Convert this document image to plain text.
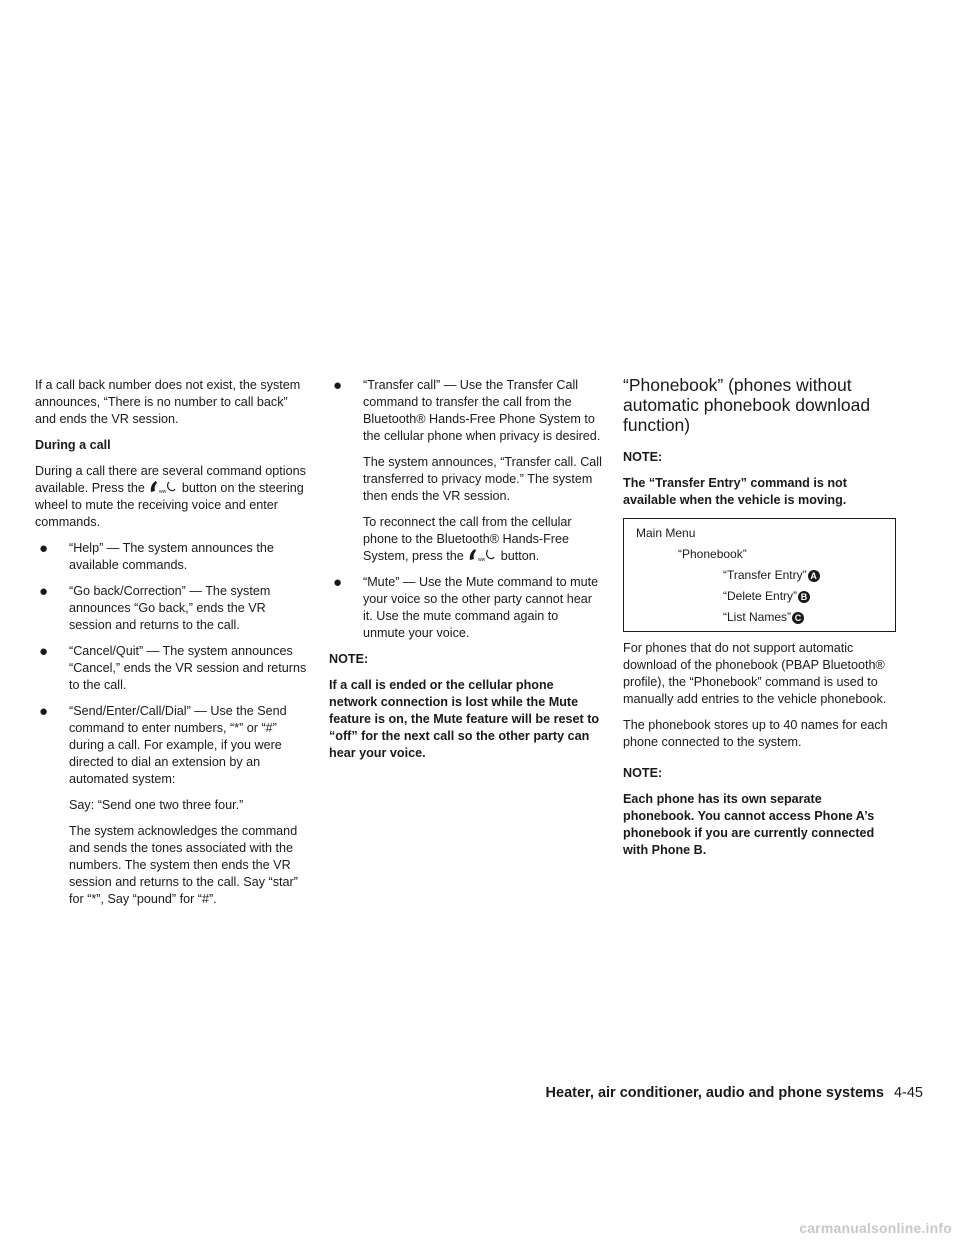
If a call back number does not exist, the system announces, “There is no number to call back” and ends the VR session.

During a call

During a call there are several command options available. Press the	ww button on the steering wheel to mute the receiving voice and enter commands.

● “Help” — The system announces the available commands.
● “Go back/Correction” — The system announces “Go back,” ends the VR session and returns to the call.
● “Cancel/Quit” — The system announces “Cancel,” ends the VR session and returns to the call.
● “Send/Enter/Call/Dial” — Use the Send command to enter numbers, “*” or “#” during a call. For example, if you were directed to dial an extension by an automated system:

Say: “Send one two three four.”

The system acknowledges the command and sends the tones associated with the numbers. The system then ends the VR session and returns to the call. Say “star” for “*”, Say “pound” for “#”.

● “Transfer call” — Use the Transfer Call command to transfer the call from the Bluetooth® Hands-Free Phone System to the cellular phone when privacy is desired.

The system announces, “Transfer call. Call transferred to privacy mode.” The system then ends the VR session.

To reconnect the call from the cellular phone to the Bluetooth® Hands-Free System, press the	ww button.

● “Mute” — Use the Mute command to mute your voice so the other party cannot hear it. Use the mute command again to unmute your voice.

NOTE:

If a call is ended or the cellular phone network connection is lost while the Mute feature is on, the Mute feature will be reset to “off” for the next call so the other party can hear your voice.

“Phonebook” (phones without automatic phonebook download function)

NOTE:

The “Transfer Entry” command is not available when the vehicle is moving.

Main Menu
“Phonebook”
“Transfer Entry” A
“Delete Entry” B
“List Names” C

For phones that do not support automatic download of the phonebook (PBAP Bluetooth® profile), the “Phonebook” command is used to manually add entries to the vehicle phonebook.

The phonebook stores up to 40 names for each phone connected to the system.

NOTE:

Each phone has its own separate phonebook. You cannot access Phone A’s phonebook if you are currently connected with Phone B.

Heater, air conditioner, audio and phone systems 4-45
carmanualsonline.info
